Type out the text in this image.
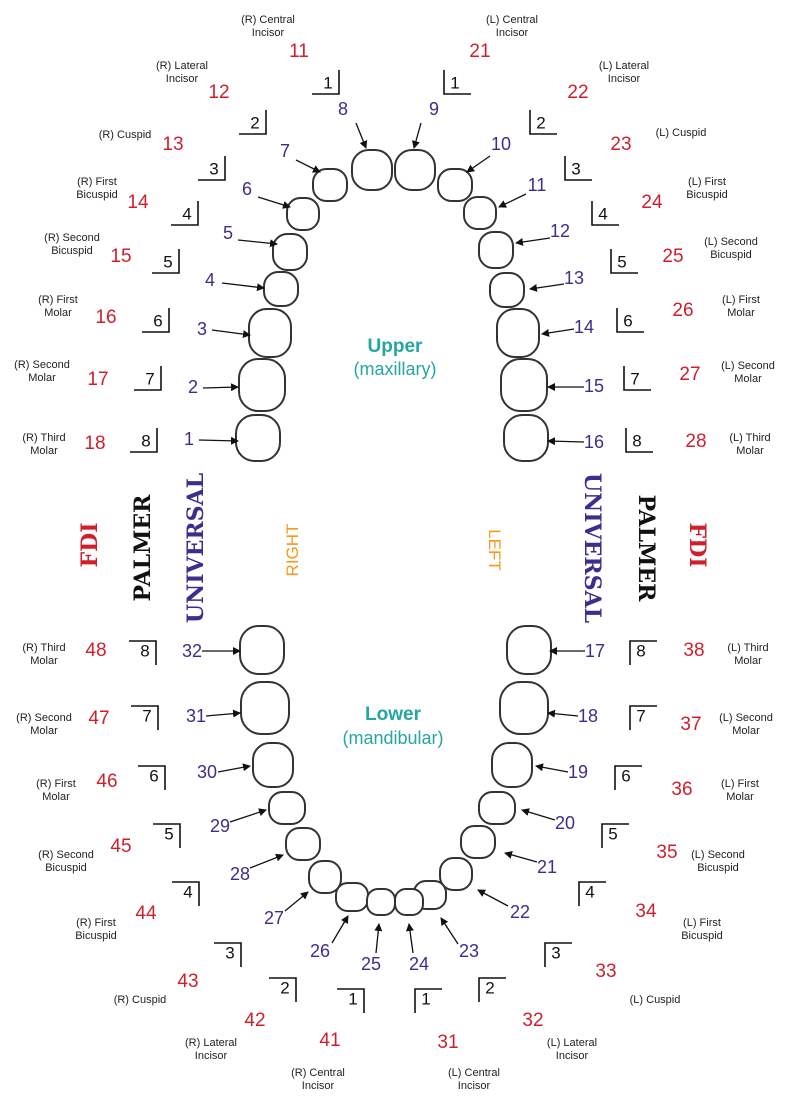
8
1
11
(R) Central
Incisor
7
2
12
(R) Lateral
Incisor
6
3
13
(R) Cuspid
5
4
14
(R) First
Bicuspid
4
5
15
(R) Second
Bicuspid
3
6
16
(R) First
Molar
2
7
17
(R) Second
Molar
1
8
18
(R) Third
Molar
9
1
21
(L) Central
Incisor
10
2
22
(L) Lateral
Incisor
11
3
23
(L) Cuspid
12
4
24
(L) First
Bicuspid
13
5 25
(L) Second
Bicuspid
14 6 26
(L) First
Molar
15 7 27 (L) Second
Molar
16 8 28 (L) Third
Molar
32
8
48
(R) Third
Molar
31
7
47
(R) Second
Molar
30
6
46
(R) First
Molar
29
5
45
(R) Second
Bicuspid	28
4
44
(R) First
Bicuspid
27
3
43
(R) Cuspid
26
2
42
(R) Lateral
Incisor
25
1
41
(R) Central
Incisor
17 8 38 (L) Third
Molar
18 7 37 (L) Second
Molar
19 6
36	(L) First
Molar
20
5
35 (L) Second
Bicuspid
21
4
34
(L) First
Bicuspid
22
3
33
(L) Cuspid
23
2
32
(L) Lateral
Incisor
24
1
31
(L) Central
Incisor
Upper
(maxillary)
Lower
(mandibular)
FDI PALMER UNIVERSAL	RIGHT	LEFT	UNIVERSAL PALMER FDI
